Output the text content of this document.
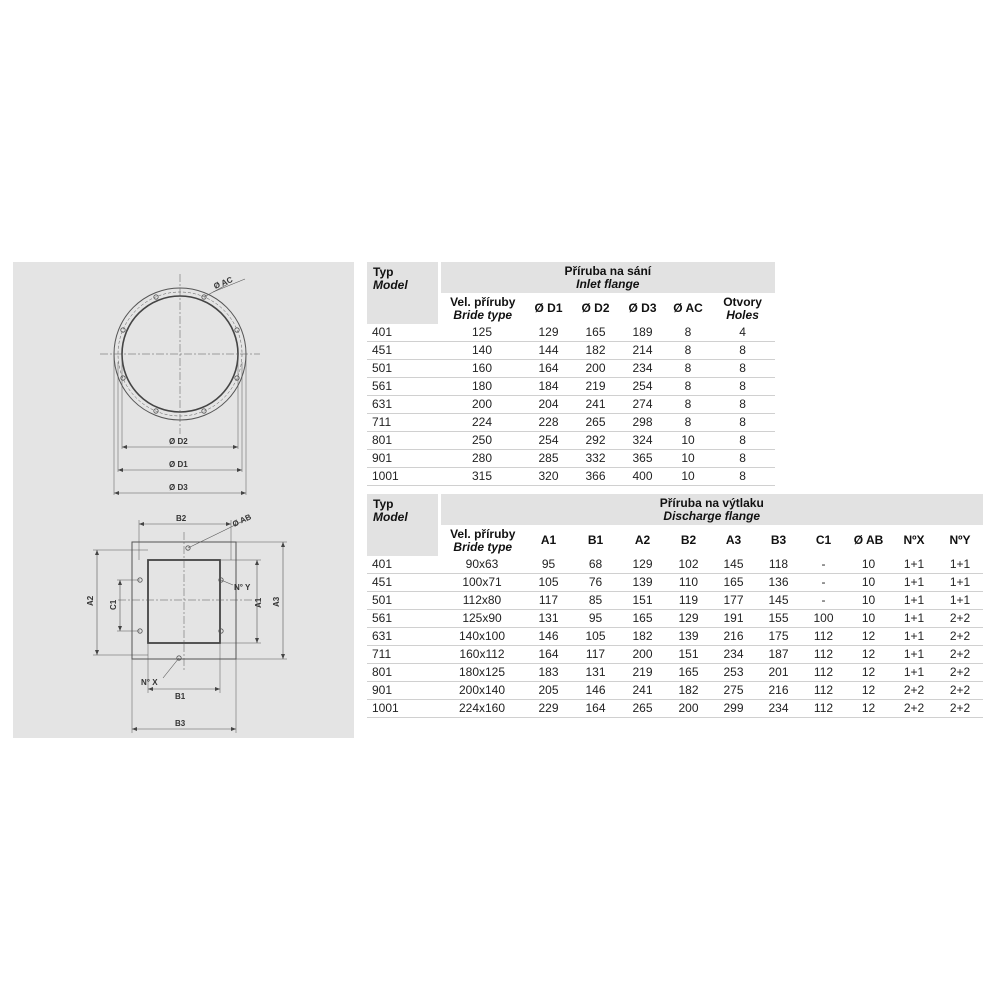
Ø AC
Ø D2
Ø D1
Ø D3
B2	Ø AB
A2 C1	A1 A3
N° Y
N° X
B1
B3
Typ
Model	Příruba na sání
Inlet flange					

	Vel. příruby
Bride type	Ø D1	Ø D2	Ø D3	Ø AC	Otvory
Holes

401	125	129	165	189	8	4
451	140	144	182	214	8	8
501	160	164	200	234	8	8
561	180	184	219	254	8	8
631	200	204	241	274	8	8
711	224	228	265	298	8	8
801	250	254	292	324	10	8
901	280	285	332	365	10	8
1001	315	320	366	400	10	8
Typ
Model	Příruba na výtlaku
Discharge flange										

	Vel. příruby
Bride type	A1	B1	A2	B2	A3	B3	C1	Ø AB	NºX	NºY

401	90x63	95	68	129	102	145	118	-	10	1+1	1+1
451	100x71	105	76	139	110	165	136	-	10	1+1	1+1
501	112x80	117	85	151	119	177	145	-	10	1+1	1+1
561	125x90	131	95	165	129	191	155	100	10	1+1	2+2
631	140x100	146	105	182	139	216	175	112	12	1+1	2+2
711	160x112	164	117	200	151	234	187	112	12	1+1	2+2
801	180x125	183	131	219	165	253	201	112	12	1+1	2+2
901	200x140	205	146	241	182	275	216	112	12	2+2	2+2
1001	224x160	229	164	265	200	299	234	112	12	2+2	2+2
